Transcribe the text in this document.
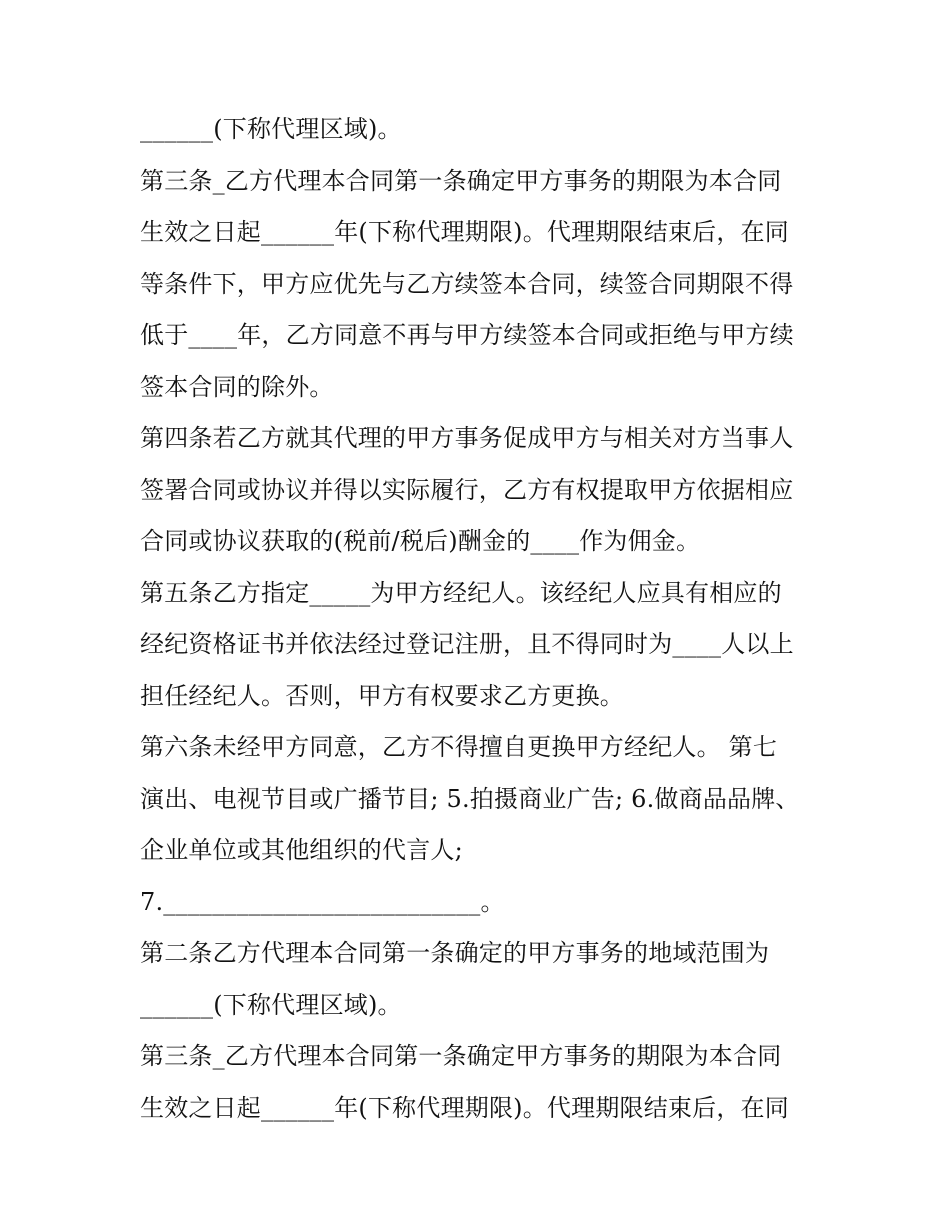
______(下称代理区域)。
第三条_乙方代理本合同第一条确定甲方事务的期限为本合同
生效之日起______年(下称代理期限)。代理期限结束后，在同
等条件下，甲方应优先与乙方续签本合同，续签合同期限不得
低于____年，乙方同意不再与甲方续签本合同或拒绝与甲方续
签本合同的除外。
第四条若乙方就其代理的甲方事务促成甲方与相关对方当事人
签署合同或协议并得以实际履行，乙方有权提取甲方依据相应
合同或协议获取的(税前/税后)酬金的____作为佣金。
第五条乙方指定_____为甲方经纪人。该经纪人应具有相应的
经纪资格证书并依法经过登记注册，且不得同时为____人以上
担任经纪人。否则，甲方有权要求乙方更换。
第六条未经甲方同意，乙方不得擅自更换甲方经纪人。 第七
演出、电视节目或广播节目; 5.拍摄商业广告; 6.做商品品牌、
企业单位或其他组织的代言人;
7.__________________________。
第二条乙方代理本合同第一条确定的甲方事务的地域范围为
______(下称代理区域)。
第三条_乙方代理本合同第一条确定甲方事务的期限为本合同
生效之日起______年(下称代理期限)。代理期限结束后，在同
